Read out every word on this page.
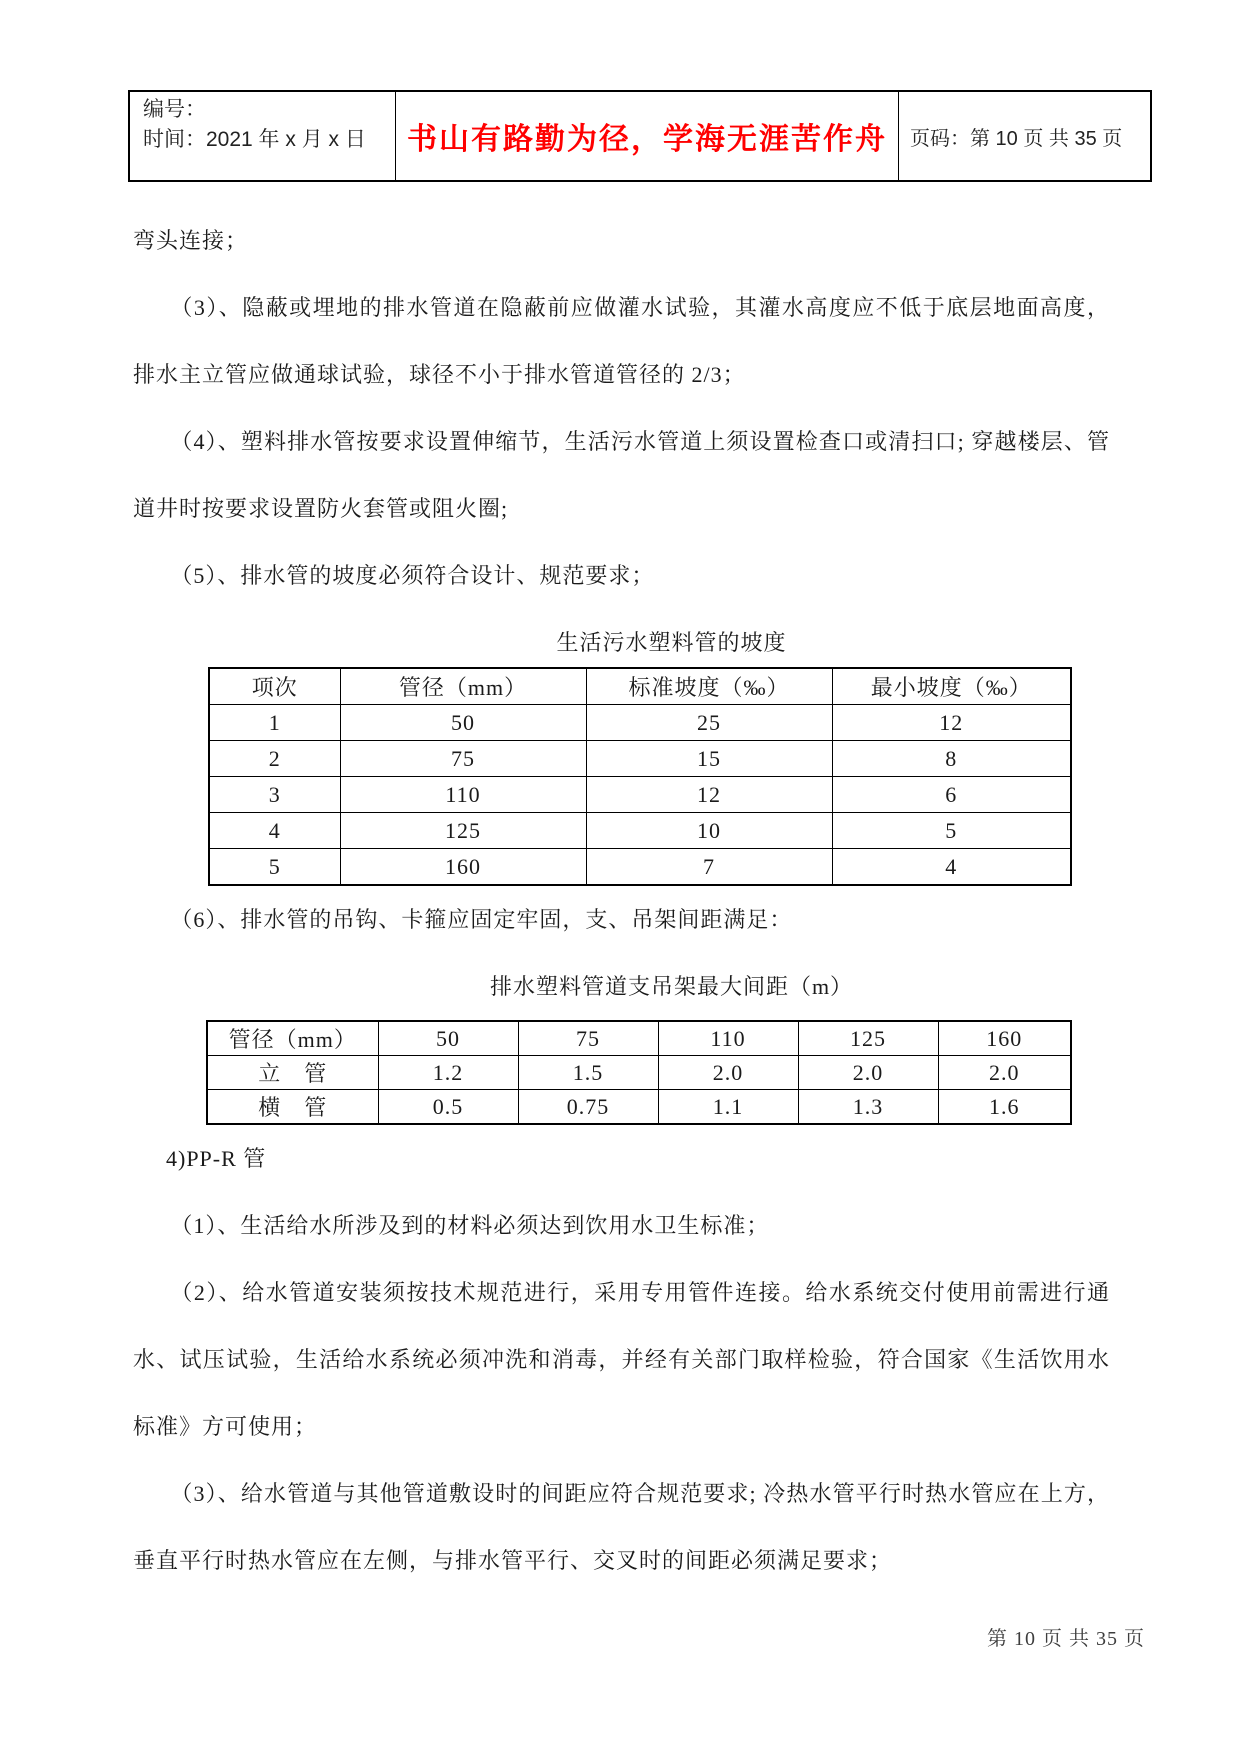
编号：
时间：2021 年 x 月 x 日	书山有路勤为径，学海无涯苦作舟	页码：第 10 页 共 35 页

弯头连接；

（3）、隐蔽或埋地的排水管道在隐蔽前应做灌水试验，其灌水高度应不低于底层地面高度，排水主立管应做通球试验，球径不小于排水管道管径的 2/3；

（4）、塑料排水管按要求设置伸缩节，生活污水管道上须设置检查口或清扫口; 穿越楼层、管道井时按要求设置防火套管或阻火圈;

（5）、排水管的坡度必须符合设计、规范要求；

生活污水塑料管的坡度
项次	管径（mm）	标准坡度（‰）	最小坡度（‰）
1	50	25	12
2	75	15	8
3	110	12	6
4	125	10	5
5	160	7	4

（6）、排水管的吊钩、卡箍应固定牢固，支、吊架间距满足：

排水塑料管道支吊架最大间距（m）
管径（mm）	50	75	110	125	160
立　管	1.2	1.5	2.0	2.0	2.0
横　管	0.5	0.75	1.1	1.3	1.6

4)PP-R 管

（1）、生活给水所涉及到的材料必须达到饮用水卫生标准；

（2）、给水管道安装须按技术规范进行，采用专用管件连接。给水系统交付使用前需进行通水、试压试验，生活给水系统必须冲洗和消毒，并经有关部门取样检验，符合国家《生活饮用水标准》方可使用；

（3）、给水管道与其他管道敷设时的间距应符合规范要求; 冷热水管平行时热水管应在上方，垂直平行时热水管应在左侧，与排水管平行、交叉时的间距必须满足要求；

第 10 页 共 35 页
